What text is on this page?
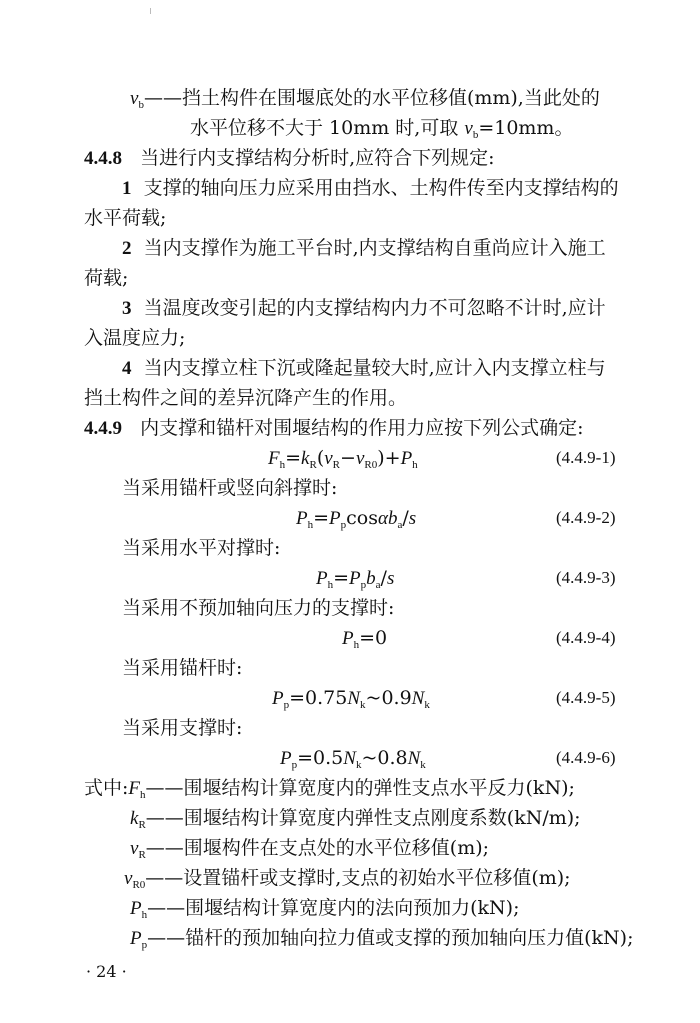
$v_b——$挡土构件在围堰底处的水平位移值(mm),当此处的
水平位移不大于 10mm 时,可取 $v_b=10mm$。
4.4.8 当进行内支撑结构分析时,应符合下列规定:
1 支撑的轴向压力应采用由挡水、土构件传至内支撑结构的
水平荷载;
2 当内支撑作为施工平台时,内支撑结构自重尚应计入施工
荷载;
3 当温度改变引起的内支撑结构内力不可忽略不计时,应计
入温度应力;
4 当内支撑立柱下沉或隆起量较大时,应计入内支撑立柱与
挡土构件之间的差异沉降产生的作用。
4.4.9 内支撑和锚杆对围堰结构的作用力应按下列公式确定:
$F_h=k_R(v_R-v_{R0})+P_h$	(4.4.9-1)
当采用锚杆或竖向斜撑时:
$P_h=P_p\cos\alpha b_a/s$	(4.4.9-2)
当采用水平对撑时:
$P_h=P_pb_a/s$	(4.4.9-3)
当采用不预加轴向压力的支撑时:
$P_h=0$	(4.4.9-4)
当采用锚杆时:
$P_p=0.75N_k\sim 0.9N_k$	(4.4.9-5)
当采用支撑时:
$P_p=0.5N_k\sim 0.8N_k$	(4.4.9-6)
式中$:F_h——$围堰结构计算宽度内的弹性支点水平反力(kN);
$k_R——$围堰结构计算宽度内弹性支点刚度系数(kN/m);
$v_R——$围堰构件在支点处的水平位移值(m);
$v_{R0}——$设置锚杆或支撑时,支点的初始水平位移值(m);
$P_h——$围堰结构计算宽度内的法向预加力(kN);
$P_p——$锚杆的预加轴向拉力值或支撑的预加轴向压力值(kN);
· 24 ·
